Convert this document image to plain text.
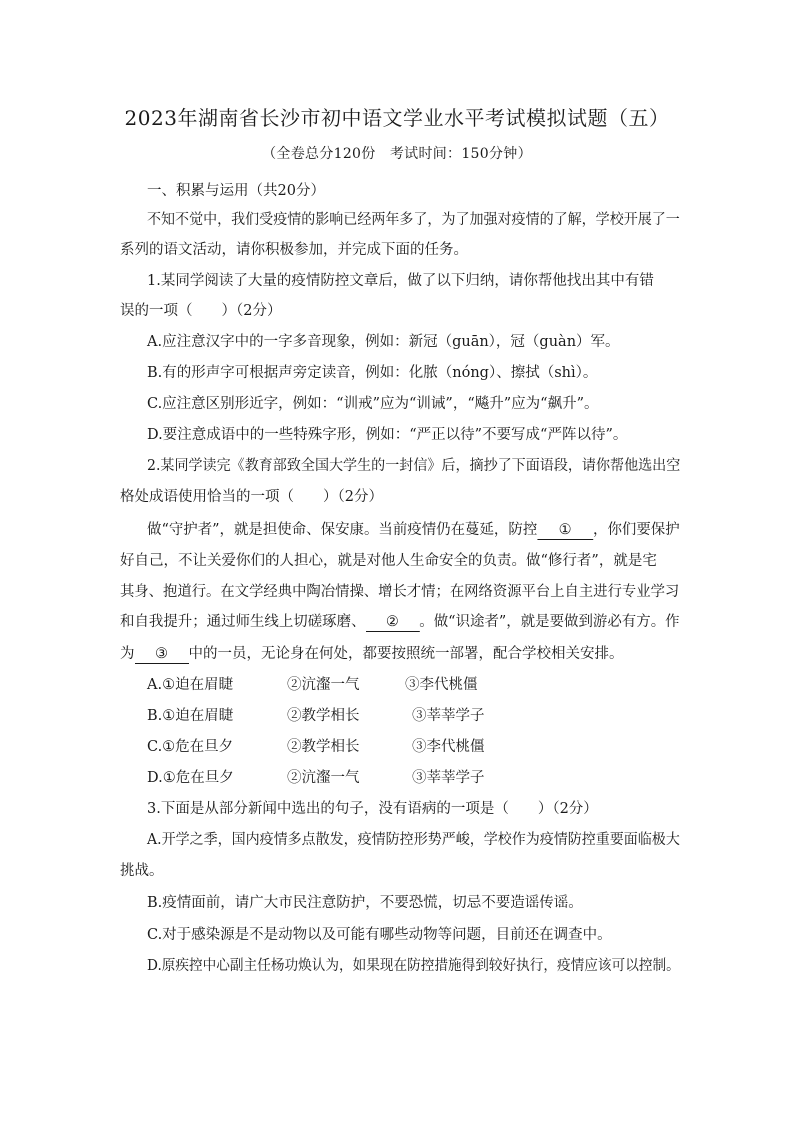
2023年湖南省长沙市初中语文学业水平考试模拟试题（五）
（全卷总分120份　考试时间：150分钟）
一、积累与运用（共20分）
不知不觉中，我们受疫情的影响已经两年多了，为了加强对疫情的了解，学校开展了一
系列的语文活动，请你积极参加，并完成下面的任务。
1.某同学阅读了大量的疫情防控文章后，做了以下归纳，请你帮他找出其中有错
误的一项（　　）（2分）
A.应注意汉字中的一字多音现象，例如：新冠（guān），冠（guàn）军。
B.有的形声字可根据声旁定读音，例如：化脓（nóng）、擦拭（shì）。
C.应注意区别形近字，例如：“训戒”应为“训诫”，“飚升”应为“飙升”。
D.要注意成语中的一些特殊字形，例如：“严正以待”不要写成“严阵以待”。
2.某同学读完《教育部致全国大学生的一封信》后，摘抄了下面语段，请你帮他选出空
格处成语使用恰当的一项（　　）（2分）
做“守护者”，就是担使命、保安康。当前疫情仍在蔓延，防控 ① ，你们要保护
好自己，不让关爱你们的人担心，就是对他人生命安全的负责。做“修行者”，就是宅
其身、抱道行。在文学经典中陶冶情操、增长才情；在网络资源平台上自主进行专业学习
和自我提升；通过师生线上切磋琢磨、 ② 。做“识途者”，就是要做到游必有方。作
为 ③ 中的一员，无论身在何处，都要按照统一部署，配合学校相关安排。
A.①迫在眉睫	②沆瀣一气	③李代桃僵
B.①迫在眉睫	②教学相长	③莘莘学子
C.①危在旦夕	②教学相长	③李代桃僵
D.①危在旦夕	②沆瀣一气	③莘莘学子
3.下面是从部分新闻中选出的句子，没有语病的一项是（　　）（2分）
A.开学之季，国内疫情多点散发，疫情防控形势严峻，学校作为疫情防控重要面临极大
挑战。
B.疫情面前，请广大市民注意防护，不要恐慌，切忌不要造谣传谣。
C.对于感染源是不是动物以及可能有哪些动物等问题，目前还在调查中。
D.原疾控中心副主任杨功焕认为，如果现在防控措施得到较好执行，疫情应该可以控制。
